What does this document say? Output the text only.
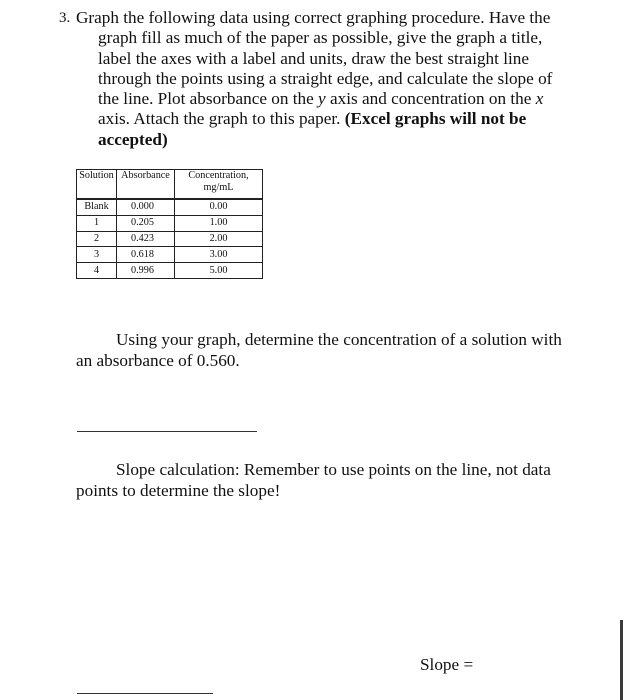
3. Graph the following data using correct graphing procedure. Have the graph fill as much of the paper as possible, give the graph a title, label the axes with a label and units, draw the best straight line through the points using a straight edge, and calculate the slope of the line. Plot absorbance on the y axis and concentration on the x axis. Attach the graph to this paper. (Excel graphs will not be accepted)

Solution	Absorbance	Concentration, mg/mL
Blank	0.000	0.00
1	0.205	1.00
2	0.423	2.00
3	0.618	3.00
4	0.996	5.00

Using your graph, determine the concentration of a solution with an absorbance of 0.560.

Slope calculation: Remember to use points on the line, not data points to determine the slope!

Slope =
